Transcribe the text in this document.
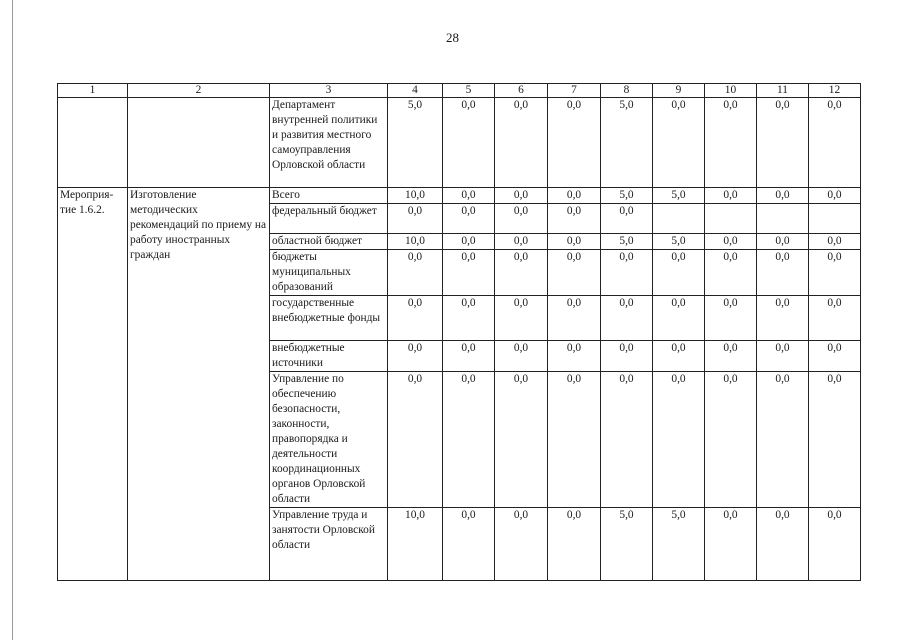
28
1	2	3	4	5	6	7	8	9	10	11	12
		Департамент внутренней политики и развития местного самоуправления Орловской области	5,0	0,0	0,0	0,0	5,0	0,0	0,0	0,0	0,0
Мероприя-тие 1.6.2.	Изготовление методических рекомендаций по приему на работу иностранных граждан	Всего	10,0	0,0	0,0	0,0	5,0	5,0	0,0	0,0	0,0
		федеральный бюджет	0,0	0,0	0,0	0,0	0,0				
		областной бюджет	10,0	0,0	0,0	0,0	5,0	5,0	0,0	0,0	0,0
		бюджеты муниципальных образований	0,0	0,0	0,0	0,0	0,0	0,0	0,0	0,0	0,0
		государственные внебюджетные фонды	0,0	0,0	0,0	0,0	0,0	0,0	0,0	0,0	0,0
		внебюджетные источники	0,0	0,0	0,0	0,0	0,0	0,0	0,0	0,0	0,0
		Управление по обеспечению безопасности, законности, правопорядка и деятельности координационных органов Орловской области	0,0	0,0	0,0	0,0	0,0	0,0	0,0	0,0	0,0
		Управление труда и занятости Орловской области	10,0	0,0	0,0	0,0	5,0	5,0	0,0	0,0	0,0
